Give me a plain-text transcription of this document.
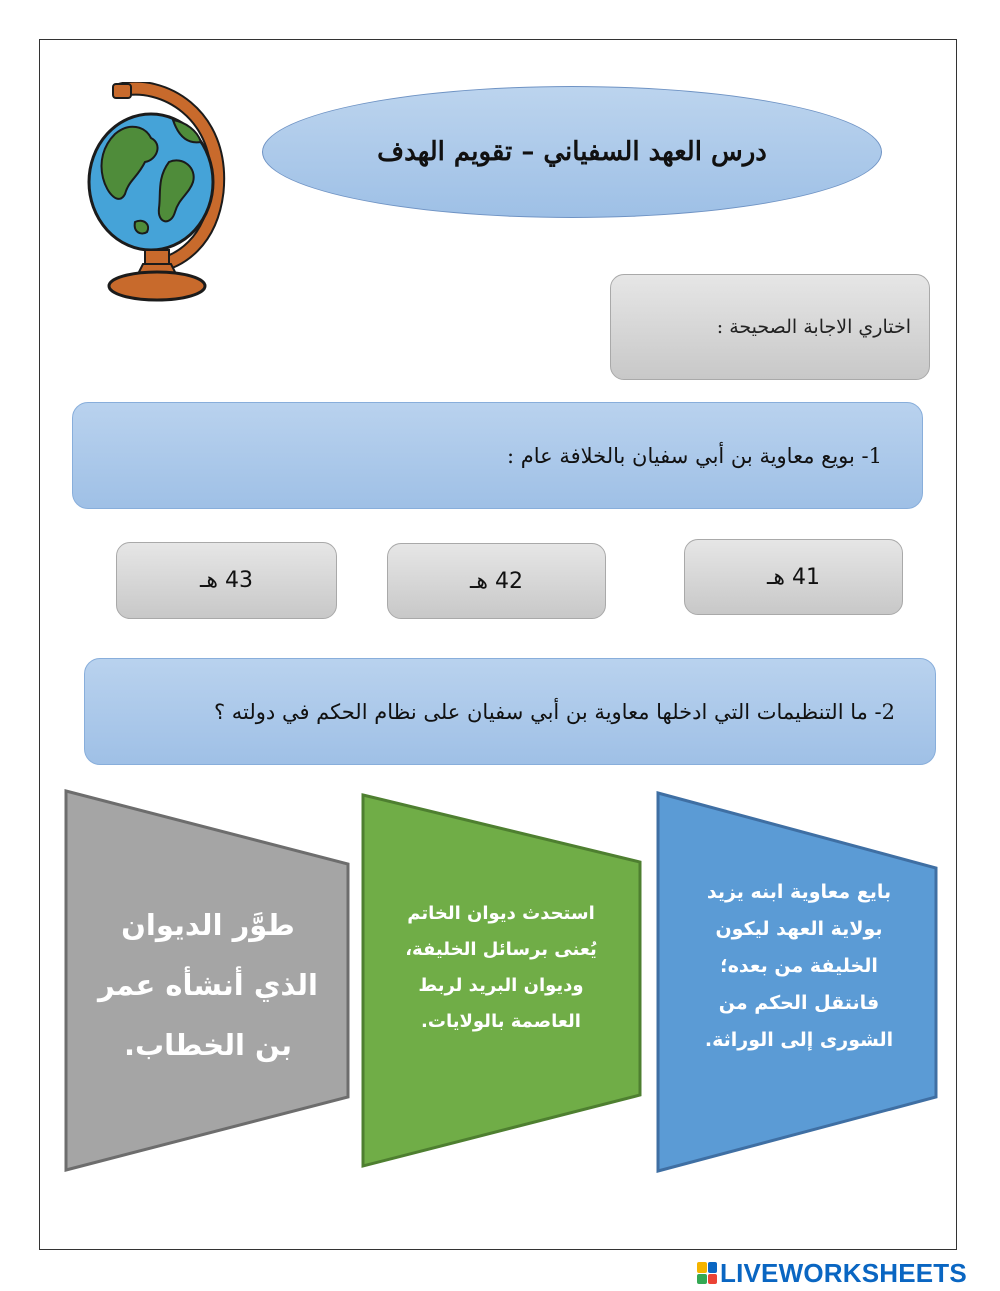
درس العهد السفياني – تقويم الهدف
اختاري الاجابة الصحيحة :
1- بويع معاوية بن أبي سفيان بالخلافة عام :
41 هـ
42 هـ
43 هـ
2- ما التنظيمات التي ادخلها معاوية بن أبي سفيان على نظام الحكم في دولته ؟
بايع معاوية ابنه يزيد
بولاية العهد ليكون
الخليفة من بعده؛
فانتقل الحكم من
الشورى إلى الوراثة.
استحدث ديوان الخاتم
يُعنى برسائل الخليفة،
وديوان البريد لربط
العاصمة بالولايات.
طوَّر الديوان
الذي أنشأه عمر
بن الخطاب.
LIVEWORKSHEETS
